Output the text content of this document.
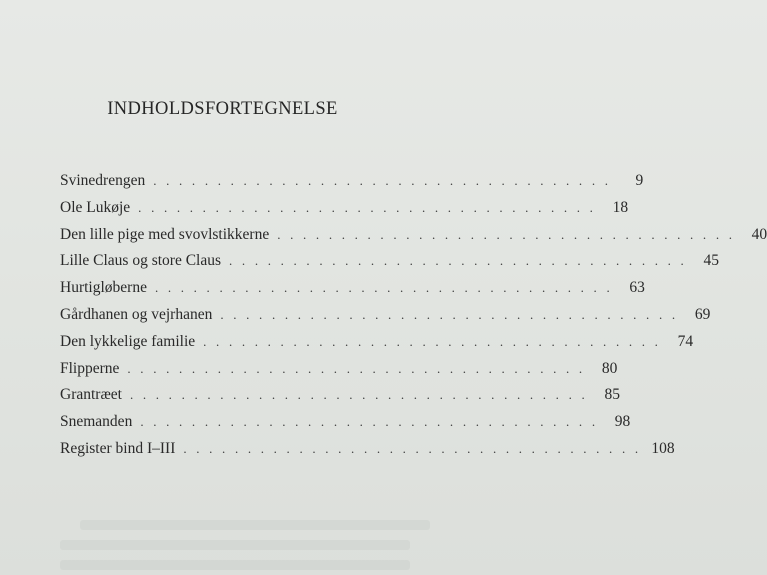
INDHOLDSFORTEGNELSE
Svinedrengen . . . . . . . . . . . . . . . . . . . . . . . . . . . . . . . . . . . .	9
Ole Lukøje . . . . . . . . . . . . . . . . . . . . . . . . . . . . . . . . . . . .	18
Den lille pige med svovlstikkerne . . . . . . . . . . . . . . . . . . . . . . . . . . . . . . . . . . . .	40
Lille Claus og store Claus . . . . . . . . . . . . . . . . . . . . . . . . . . . . . . . . . . . .	45
Hurtigløberne . . . . . . . . . . . . . . . . . . . . . . . . . . . . . . . . . . . .	63
Gårdhanen og vejrhanen . . . . . . . . . . . . . . . . . . . . . . . . . . . . . . . . . . . .	69
Den lykkelige familie . . . . . . . . . . . . . . . . . . . . . . . . . . . . . . . . . . . .	74
Flipperne . . . . . . . . . . . . . . . . . . . . . . . . . . . . . . . . . . . .	80
Grantræet . . . . . . . . . . . . . . . . . . . . . . . . . . . . . . . . . . . .	85
Snemanden . . . . . . . . . . . . . . . . . . . . . . . . . . . . . . . . . . . .	98
Register bind I–III . . . . . . . . . . . . . . . . . . . . . . . . . . . . . . . . . . . . 108
